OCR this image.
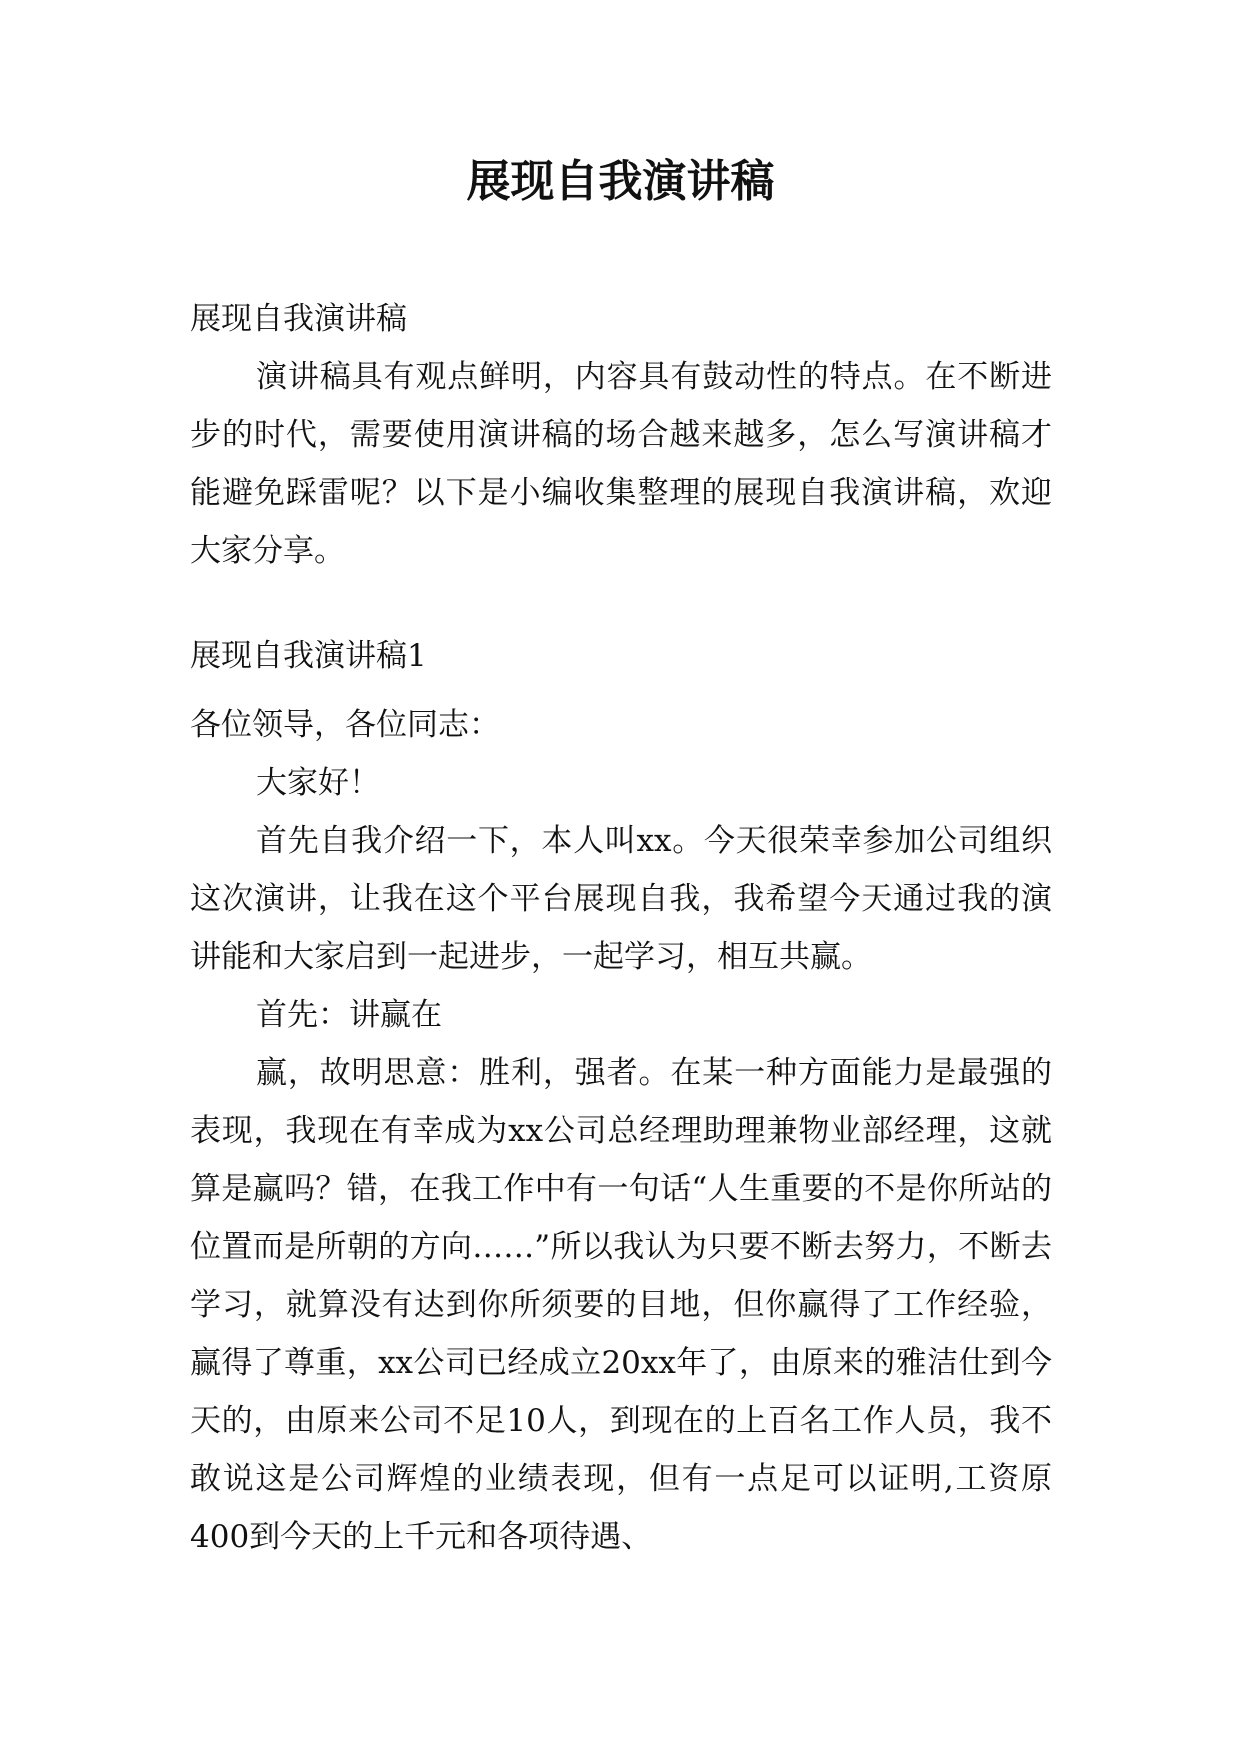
展现自我演讲稿

展现自我演讲稿

演讲稿具有观点鲜明，内容具有鼓动性的特点。在不断进步的时代，需要使用演讲稿的场合越来越多，怎么写演讲稿才能避免踩雷呢？以下是小编收集整理的展现自我演讲稿，欢迎大家分享。

展现自我演讲稿1

各位领导，各位同志：

大家好！

首先自我介绍一下，本人叫xx。今天很荣幸参加公司组织这次演讲，让我在这个平台展现自我，我希望今天通过我的演讲能和大家启到一起进步，一起学习，相互共赢。

首先：讲赢在

赢，故明思意：胜利，强者。在某一种方面能力是最强的表现，我现在有幸成为xx公司总经理助理兼物业部经理，这就算是赢吗？错，在我工作中有一句话“人生重要的不是你所站的位置而是所朝的方向……”所以我认为只要不断去努力，不断去学习，就算没有达到你所须要的目地，但你赢得了工作经验，赢得了尊重，xx公司已经成立20xx年了，由原来的雅洁仕到今天的，由原来公司不足10人，到现在的上百名工作人员，我不敢说这是公司辉煌的业绩表现，但有一点足可以证明,工资原400到今天的上千元和各项待遇、
